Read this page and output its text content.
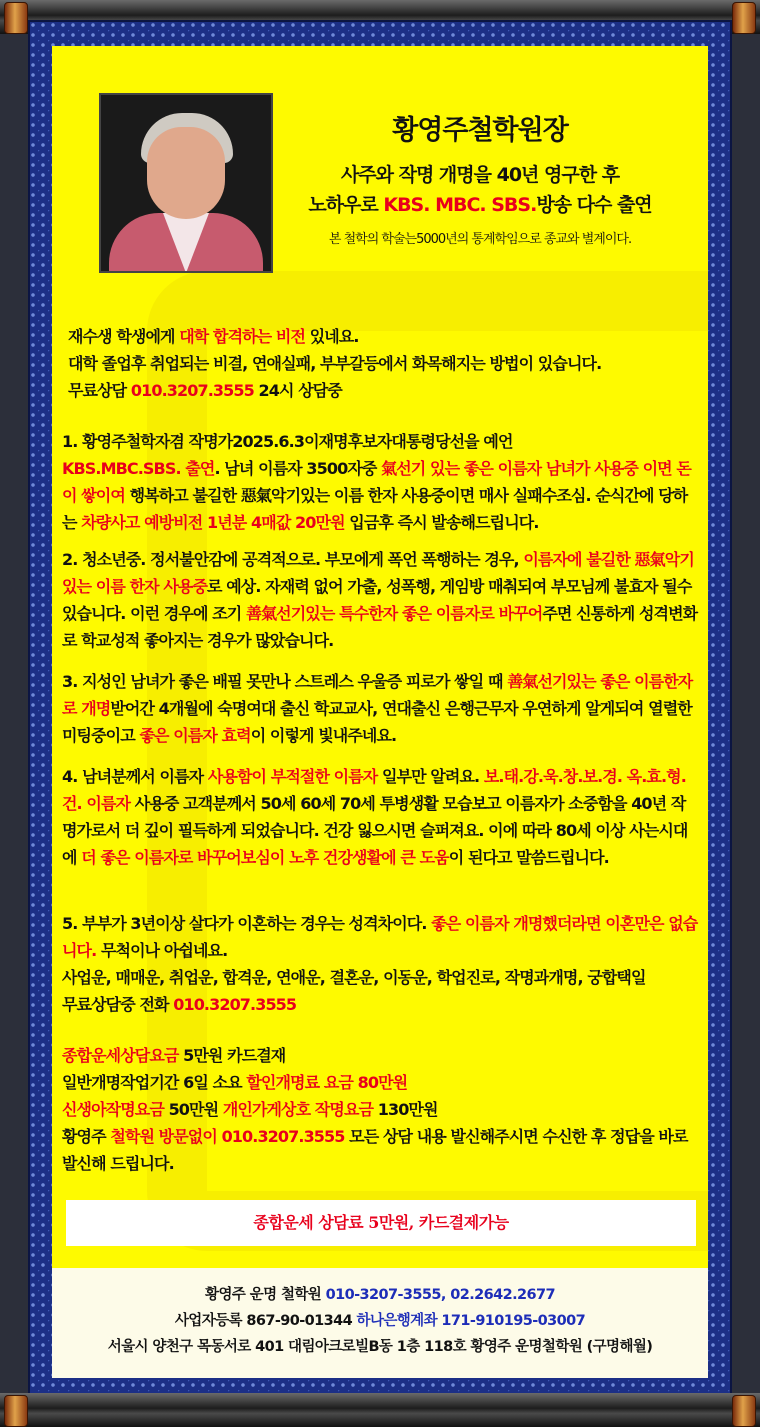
황영주철학원장
사주와 작명 개명을 40년 영구한 후
노하우로 KBS. MBC. SBS.방송 다수 출연
본 철학의 학술는5000년의 통계학임으로 종교와 별계이다.
재수생 학생에게 대학 합격하는 비전 있네요.
대학 졸업후 취업되는 비결, 연애실패, 부부갈등에서 화목해지는 방법이 있습니다.
무료상담 010.3207.3555 24시 상담중
1. 황영주철학자겸 작명가2025.6.3이재명후보자대통령당선을 예언
KBS.MBC.SBS. 출연. 남녀 이름자 3500자중 氣선기 있는 좋은 이름자 남녀가 사용중 이면 돈이 쌓이여 행복하고 불길한 惡氣악기있는 이름 한자 사용중이면 매사 실패수조심. 순식간에 당하는 차량사고 예방비전 1년분 4매값 20만원 입금후 즉시 발송해드립니다.
2. 청소년중. 정서불안감에 공격적으로. 부모에게 폭언 폭행하는 경우, 이름자에 불길한 惡氣악기있는 이름 한자 사용중로 예상. 자재력 없어 가출, 성폭행, 게임방 매춰되여 부모님께 불효자 될수 있습니다. 이런 경우에 조기 善氣선기있는 특수한자 좋은 이름자로 바꾸어주면 신통하게 성격변화로 학교성적 좋아지는 경우가 많았습니다.
3. 지성인 남녀가 좋은 배필 못만나 스트레스 우울증 피로가 쌓일 때 善氣선기있는 좋은 이름한자로 개명받어간 4개월에 숙명여대 출신 학교교사, 연대출신 은행근무자 우연하게 알게되여 열렬한 미팅중이고 좋은 이름자 효력이 이렇게 빛내주네요.
4. 남녀분께서 이름자 사용함이 부적절한 이름자 일부만 알려요. 보.태.강.욱.창.보.경. 옥.효.형.건. 이름자 사용중 고객분께서 50세 60세 70세 투병생활 모습보고 이름자가 소중함을 40년 작명가로서 더 깊이 필득하게 되었습니다. 건강 잃으시면 슬퍼져요. 이에 따라 80세 이상 사는시대에 더 좋은 이름자로 바꾸어보심이 노후 건강생활에 큰 도움이 된다고 말씀드립니다.
5. 부부가 3년이상 살다가 이혼하는 경우는 성격차이다. 좋은 이름자 개명했더라면 이혼만은 없습니다. 무척이나 아쉽네요.
사업운, 매매운, 취업운, 합격운, 연애운, 결혼운, 이동운, 학업진로, 작명과개명, 궁합택일
무료상담중 전화 010.3207.3555
종합운세상담요금 5만원 카드결재
일반개명작업기간 6일 소요 할인개명료 요금 80만원
신생아작명요금 50만원 개인가게상호 작명요금 130만원
황영주 철학원 방문없이 010.3207.3555 모든 상담 내용 발신해주시면 수신한 후 정답을 바로 발신해 드립니다.
종합운세 상담료 5만원, 카드결제가능
황영주 운명 철학원 010-3207-3555, 02.2642.2677
사업자등록 867-90-01344 하나은행계좌 171-910195-03007
서울시 양천구 목동서로 401 대림아크로빌B동 1층 118호 황영주 운명철학원 (구명해월)
